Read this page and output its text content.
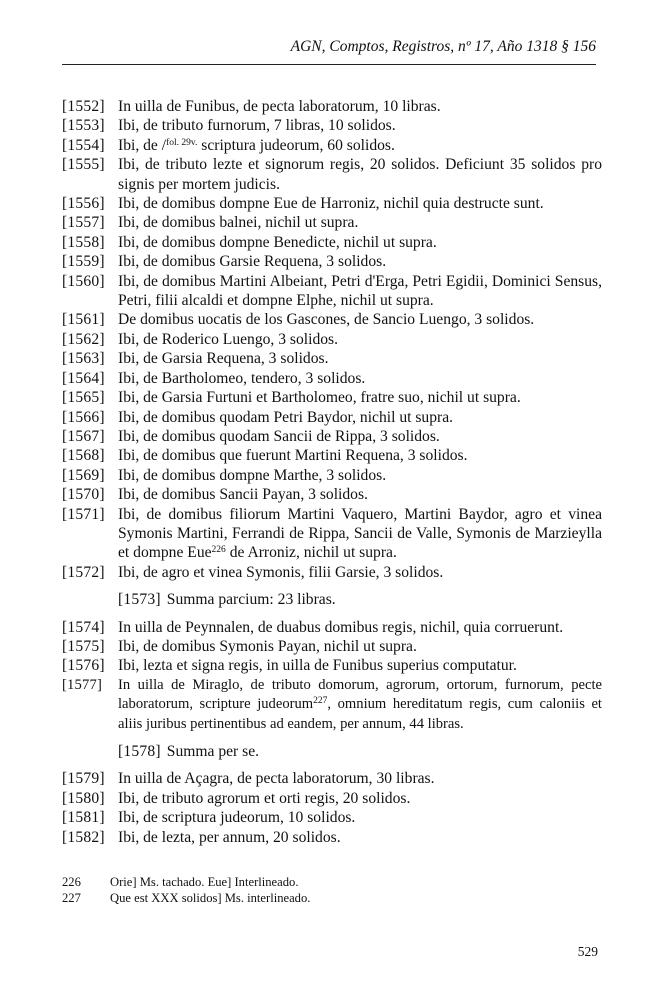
AGN, Comptos, Registros, nº 17, Año 1318 § 156
[1552] In uilla de Funibus, de pecta laboratorum, 10 libras.
[1553] Ibi, de tributo furnorum, 7 libras, 10 solidos.
[1554] Ibi, de /$^{fol. 29v.}$ scriptura judeorum, 60 solidos.
[1555] Ibi, de tributo lezte et signorum regis, 20 solidos. Deficiunt 35 solidos pro signis per mortem judicis.
[1556] Ibi, de domibus dompne Eue de Harroniz, nichil quia destructe sunt.
[1557] Ibi, de domibus balnei, nichil ut supra.
[1558] Ibi, de domibus dompne Benedicte, nichil ut supra.
[1559] Ibi, de domibus Garsie Requena, 3 solidos.
[1560] Ibi, de domibus Martini Albeiant, Petri d'Erga, Petri Egidii, Dominici Sensus, Petri, filii alcaldi et dompne Elphe, nichil ut supra.
[1561] De domibus uocatis de los Gascones, de Sancio Luengo, 3 solidos.
[1562] Ibi, de Roderico Luengo, 3 solidos.
[1563] Ibi, de Garsia Requena, 3 solidos.
[1564] Ibi, de Bartholomeo, tendero, 3 solidos.
[1565] Ibi, de Garsia Furtuni et Bartholomeo, fratre suo, nichil ut supra.
[1566] Ibi, de domibus quodam Petri Baydor, nichil ut supra.
[1567] Ibi, de domibus quodam Sancii de Rippa, 3 solidos.
[1568] Ibi, de domibus que fuerunt Martini Requena, 3 solidos.
[1569] Ibi, de domibus dompne Marthe, 3 solidos.
[1570] Ibi, de domibus Sancii Payan, 3 solidos.
[1571] Ibi, de domibus filiorum Martini Vaquero, Martini Baydor, agro et vinea Symonis Martini, Ferrandi de Rippa, Sancii de Valle, Symonis de Marzieylla et dompne Eue$^{226}$ de Arroniz, nichil ut supra.
[1572] Ibi, de agro et vinea Symonis, filii Garsie, 3 solidos.
[1573] Summa parcium: 23 libras.
[1574] In uilla de Peynnalen, de duabus domibus regis, nichil, quia corruerunt.
[1575] Ibi, de domibus Symonis Payan, nichil ut supra.
[1576] Ibi, lezta et signa regis, in uilla de Funibus superius computatur.
[1577]	In uilla de Miraglo, de tributo domorum, agrorum, ortorum, furnorum, pecte laboratorum, scripture judeorum$^{227}$, omnium hereditatum regis, cum caloniis et aliis juribus pertinentibus ad eandem, per annum, 44 libras.
[1578] Summa per se.
[1579] In uilla de Açagra, de pecta laboratorum, 30 libras.
[1580] Ibi, de tributo agrorum et orti regis, 20 solidos.
[1581] Ibi, de scriptura judeorum, 10 solidos.
[1582] Ibi, de lezta, per annum, 20 solidos.
226	Orie] Ms. tachado. Eue] Interlineado.
227	Que est XXX solidos] Ms. interlineado.
529
